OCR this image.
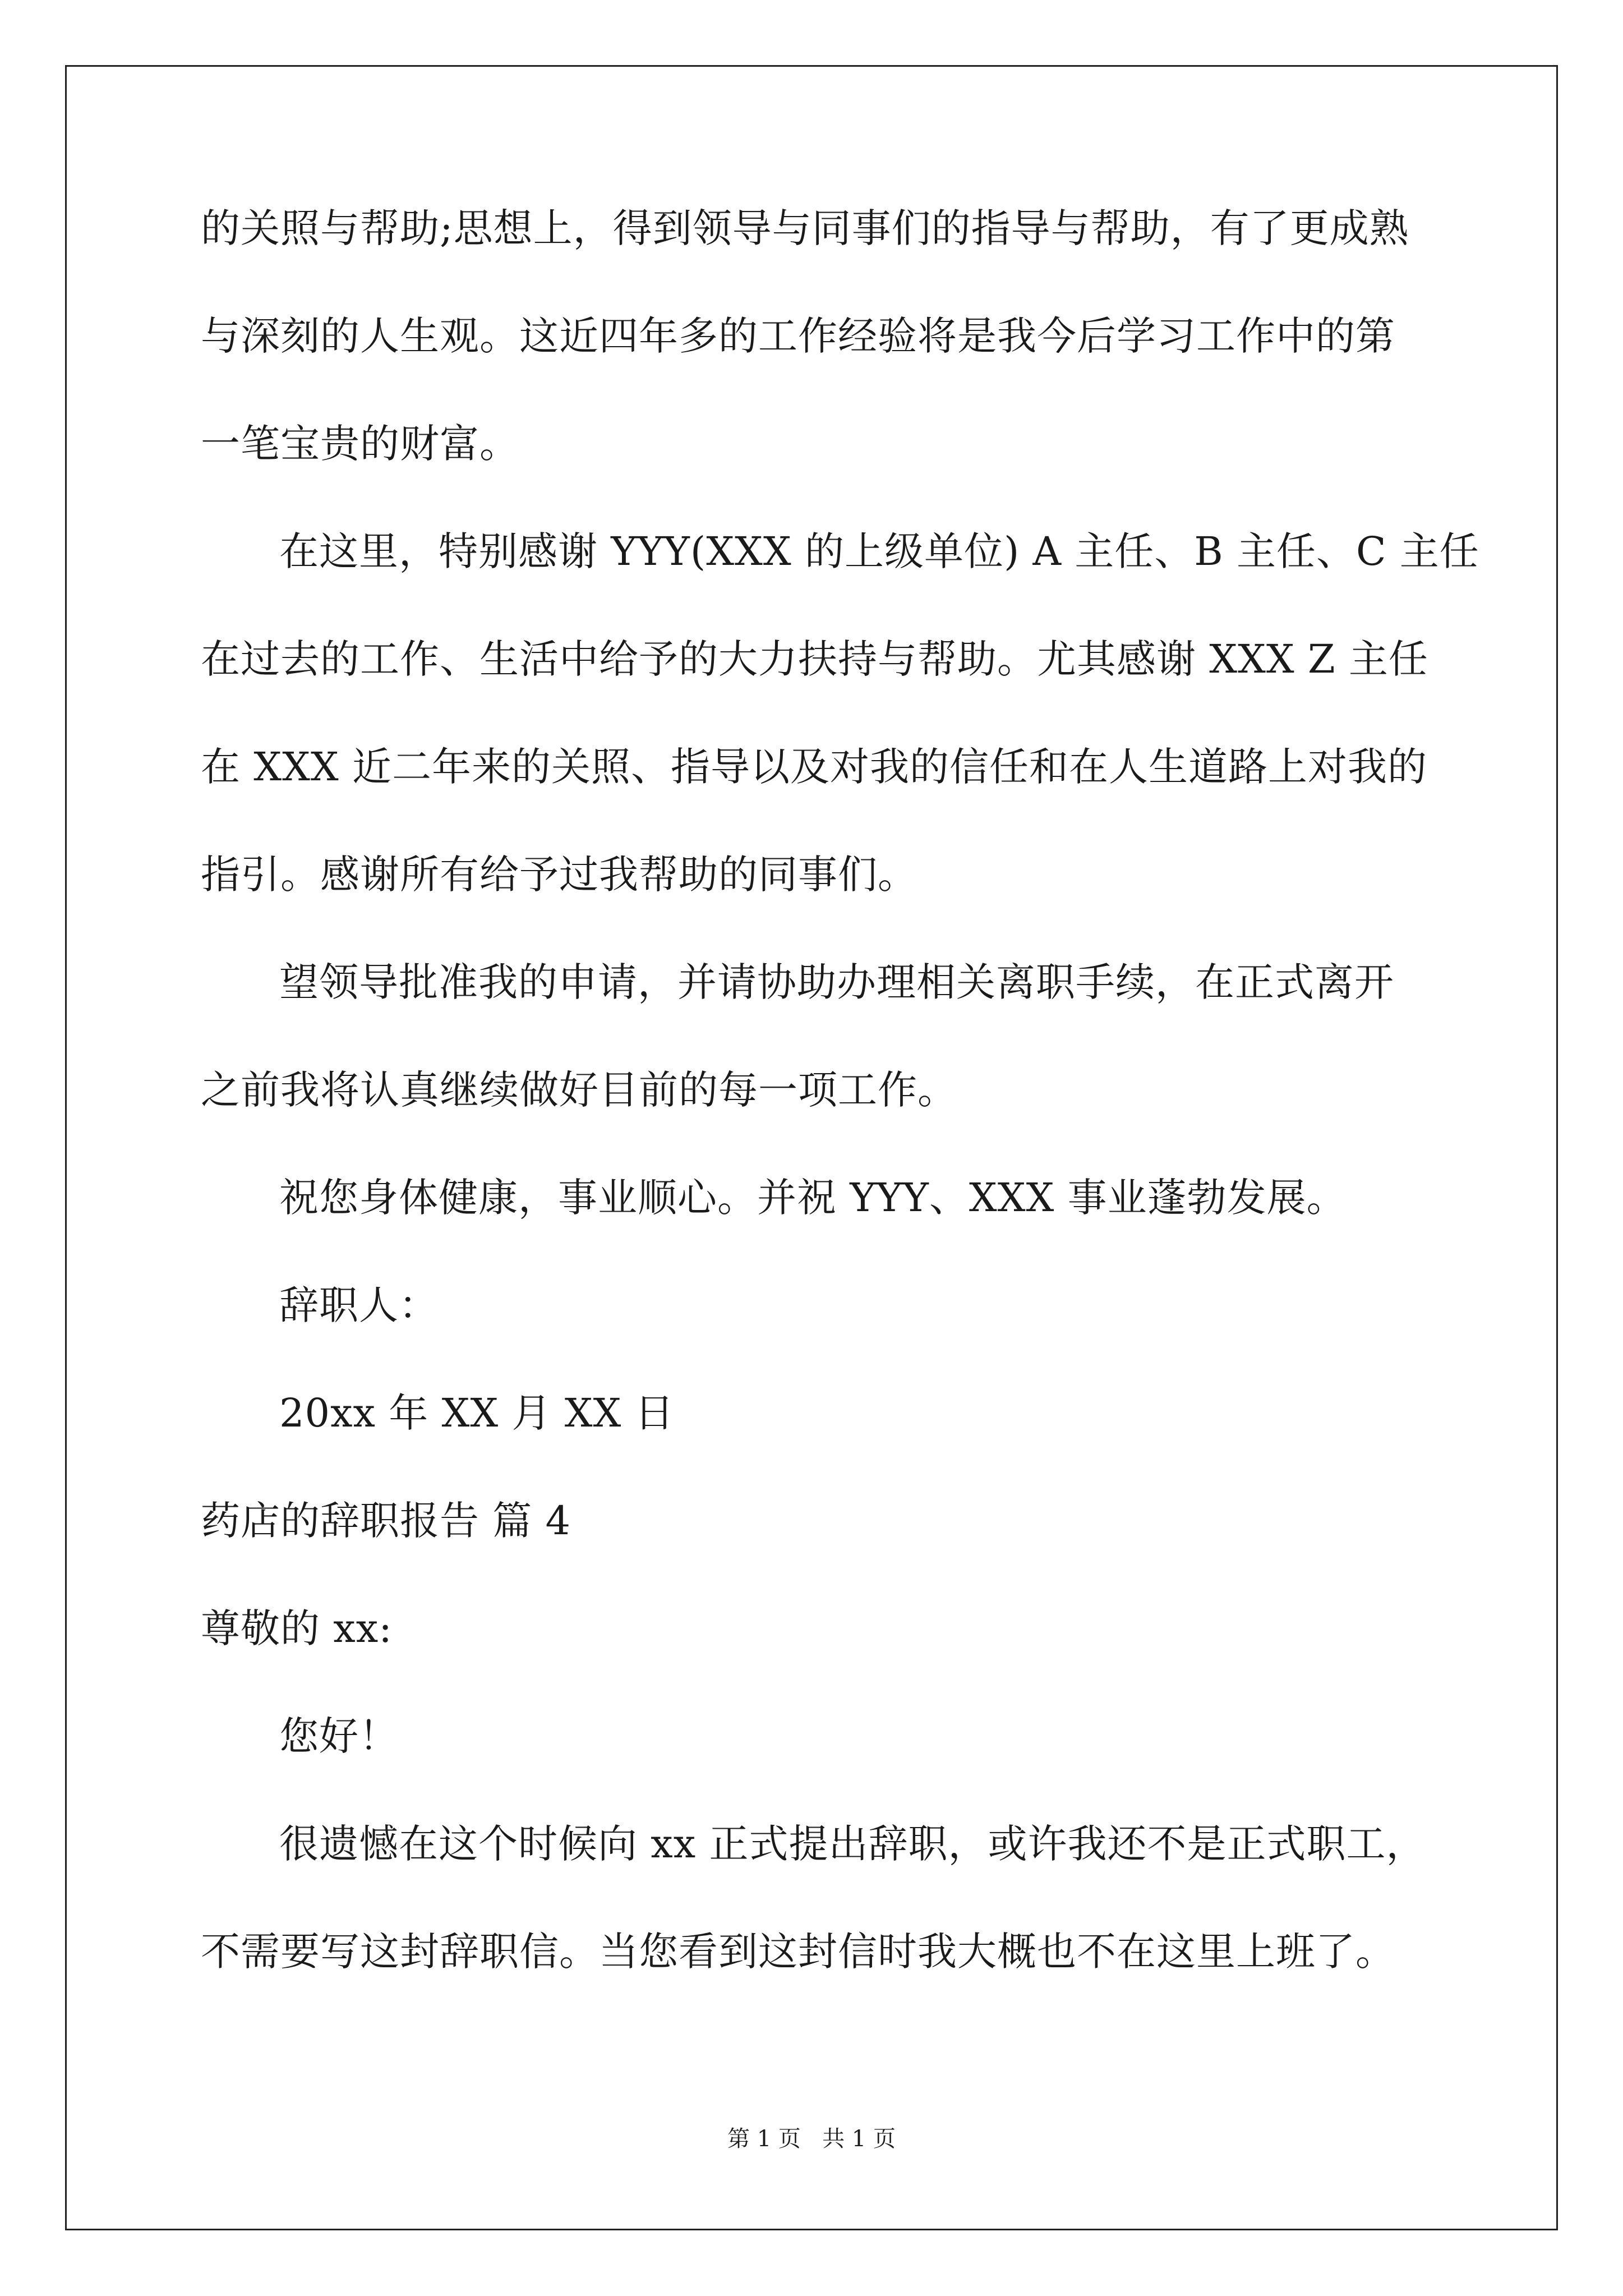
的关照与帮助;思想上，得到领导与同事们的指导与帮助，有了更成熟
与深刻的人生观。这近四年多的工作经验将是我今后学习工作中的第
一笔宝贵的财富。
在这里，特别感谢 YYY(XXX 的上级单位) A 主任、B 主任、C 主任
在过去的工作、生活中给予的大力扶持与帮助。尤其感谢 XXX Z 主任
在 XXX 近二年来的关照、指导以及对我的信任和在人生道路上对我的
指引。感谢所有给予过我帮助的同事们。
望领导批准我的申请，并请协助办理相关离职手续，在正式离开
之前我将认真继续做好目前的每一项工作。
祝您身体健康，事业顺心。并祝 YYY、XXX 事业蓬勃发展。
辞职人：
20xx 年 XX 月 XX 日
药店的辞职报告 篇 4
尊敬的 xx:
您好！
很遗憾在这个时候向 xx 正式提出辞职，或许我还不是正式职工，
不需要写这封辞职信。当您看到这封信时我大概也不在这里上班了。
第 1 页   共 1 页
